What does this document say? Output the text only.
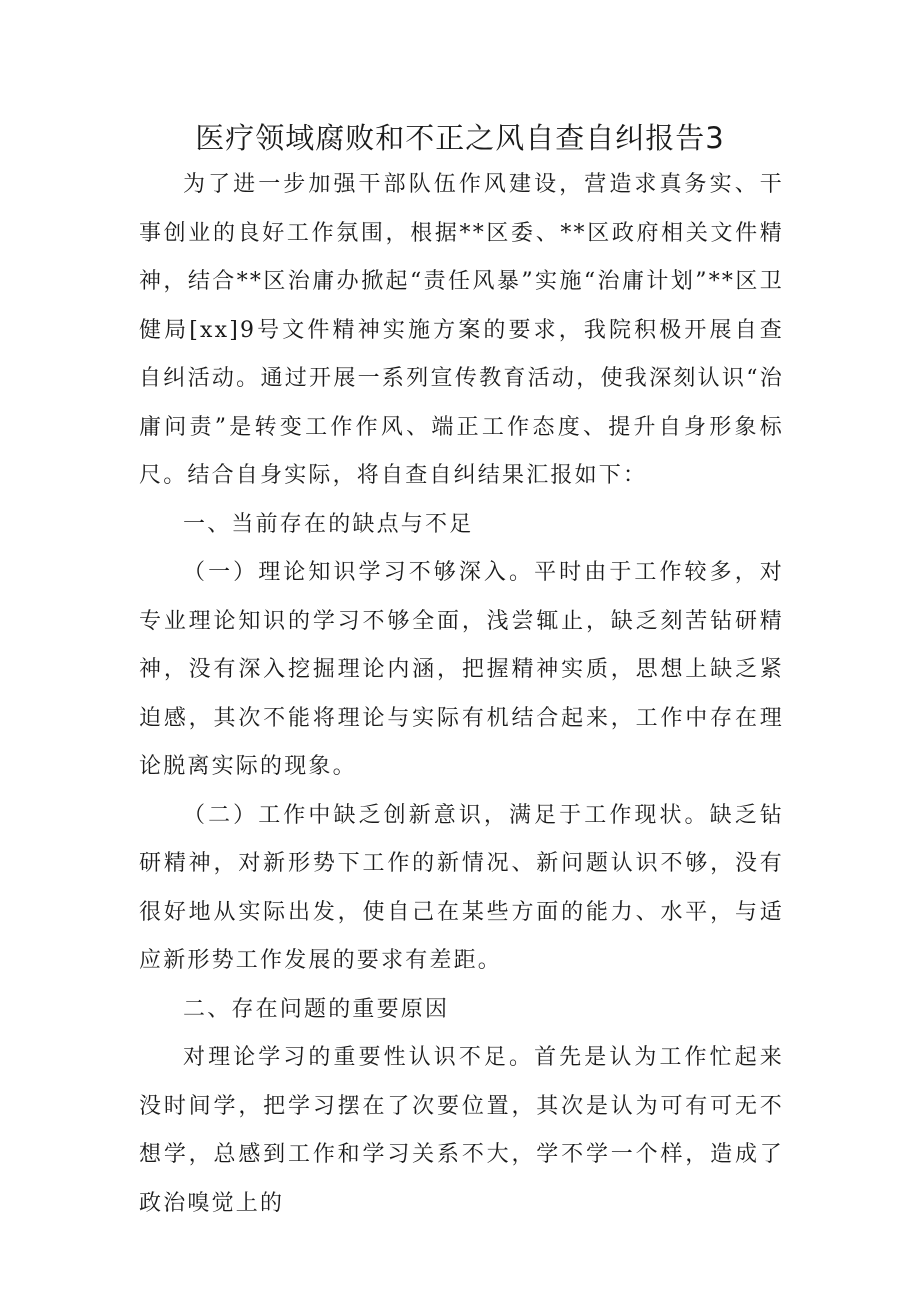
医疗领域腐败和不正之风自查自纠报告3

为了进一步加强干部队伍作风建设，营造求真务实、干事创业的良好工作氛围，根据**区委、**区政府相关文件精神，结合**区治庸办掀起“责任风暴”实施“治庸计划”**区卫健局[xx]9号文件精神实施方案的要求，我院积极开展自查自纠活动。通过开展一系列宣传教育活动，使我深刻认识“治庸问责”是转变工作作风、端正工作态度、提升自身形象标尺。结合自身实际，将自查自纠结果汇报如下：

一、当前存在的缺点与不足

（一）理论知识学习不够深入。平时由于工作较多，对专业理论知识的学习不够全面，浅尝辄止，缺乏刻苦钻研精神，没有深入挖掘理论内涵，把握精神实质，思想上缺乏紧迫感，其次不能将理论与实际有机结合起来，工作中存在理论脱离实际的现象。

（二）工作中缺乏创新意识，满足于工作现状。缺乏钻研精神，对新形势下工作的新情况、新问题认识不够，没有很好地从实际出发，使自己在某些方面的能力、水平，与适应新形势工作发展的要求有差距。

二、存在问题的重要原因

对理论学习的重要性认识不足。首先是认为工作忙起来没时间学，把学习摆在了次要位置，其次是认为可有可无不想学，总感到工作和学习关系不大，学不学一个样，造成了政治嗅觉上的
